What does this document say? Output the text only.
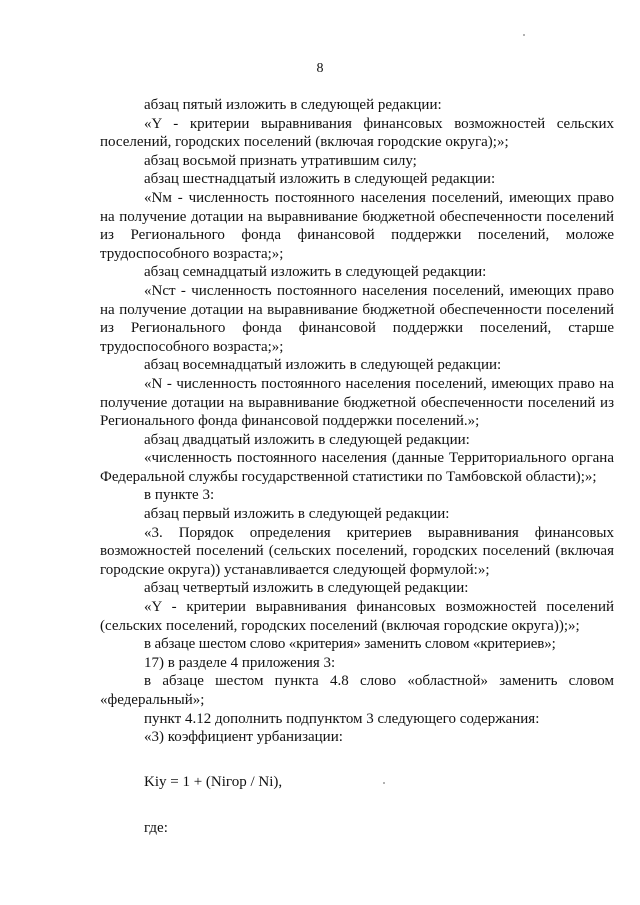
8

абзац пятый изложить в следующей редакции:

«Y - критерии выравнивания финансовых возможностей сельских поселений, городских поселений (включая городские округа);»;

абзац восьмой признать утратившим силу;

абзац шестнадцатый изложить в следующей редакции:

«Nм - численность постоянного населения поселений, имеющих право на получение дотации на выравнивание бюджетной обеспеченности поселений из Регионального фонда финансовой поддержки поселений, моложе трудоспособного возраста;»;

абзац семнадцатый изложить в следующей редакции:

«Nст - численность постоянного населения поселений, имеющих право на получение дотации на выравнивание бюджетной обеспеченности поселений из Регионального фонда финансовой поддержки поселений, старше трудоспособного возраста;»;

абзац восемнадцатый изложить в следующей редакции:

«N - численность постоянного населения поселений, имеющих право на получение дотации на выравнивание бюджетной обеспеченности поселений из Регионального фонда финансовой поддержки поселений.»;

абзац двадцатый изложить в следующей редакции:

«численность постоянного населения (данные Территориального органа Федеральной службы государственной статистики по Тамбовской области);»;

в пункте 3:

абзац первый изложить в следующей редакции:

«3. Порядок определения критериев выравнивания финансовых возможностей поселений (сельских поселений, городских поселений (включая городские округа)) устанавливается следующей формулой:»;

абзац четвертый изложить в следующей редакции:

«Y - критерии выравнивания финансовых возможностей поселений (сельских поселений, городских поселений (включая городские округа));»;

в абзаце шестом слово «критерия» заменить словом «критериев»;

17) в разделе 4 приложения 3:

в абзаце шестом пункта 4.8 слово «областной» заменить словом «федеральный»;

пункт 4.12 дополнить подпунктом 3 следующего содержания:

«3) коэффициент урбанизации:

Kiу = 1 + (Niгор / Ni),

где:
